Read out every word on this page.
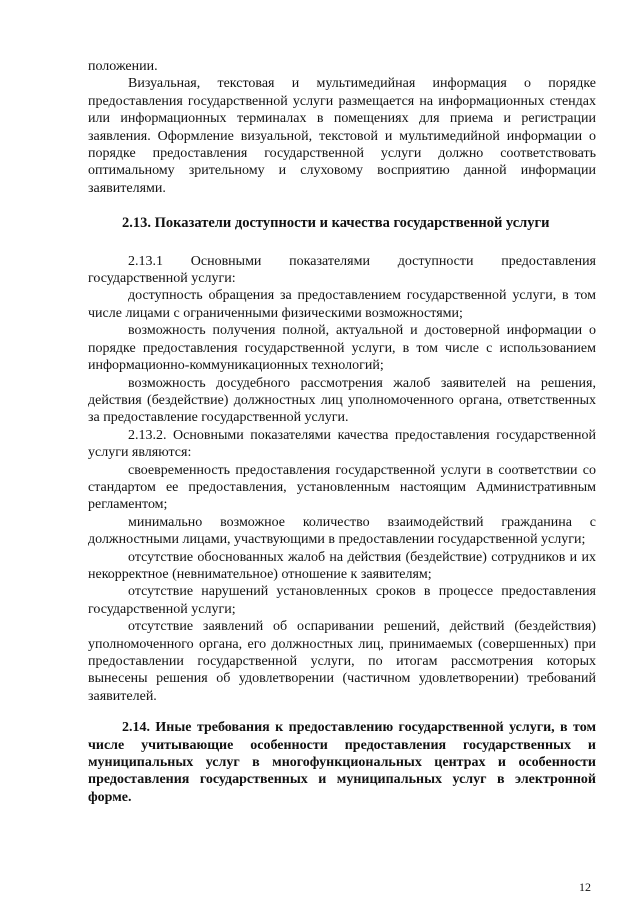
положении.

Визуальная, текстовая и мультимедийная информация о порядке предоставления государственной услуги размещается на информационных стендах или информационных терминалах в помещениях для приема и регистрации заявления. Оформление визуальной, текстовой и мультимедийной информации о порядке предоставления государственной услуги должно соответствовать оптимальному зрительному и слуховому восприятию данной информации заявителями.

2.13. Показатели доступности и качества государственной услуги

2.13.1 Основными показателями доступности предоставления государственной услуги:

доступность обращения за предоставлением государственной услуги, в том числе лицами с ограниченными физическими возможностями;

возможность получения полной, актуальной и достоверной информации о порядке предоставления государственной услуги, в том числе с использованием информационно-коммуникационных технологий;

возможность досудебного рассмотрения жалоб заявителей на решения, действия (бездействие) должностных лиц уполномоченного органа, ответственных за предоставление государственной услуги.

2.13.2. Основными показателями качества предоставления государственной услуги являются:

своевременность предоставления государственной услуги в соответствии со стандартом ее предоставления, установленным настоящим Административным регламентом;

минимально возможное количество взаимодействий гражданина с должностными лицами, участвующими в предоставлении государственной услуги;

отсутствие обоснованных жалоб на действия (бездействие) сотрудников и их некорректное (невнимательное) отношение к заявителям;

отсутствие нарушений установленных сроков в процессе предоставления государственной услуги;

отсутствие заявлений об оспаривании решений, действий (бездействия) уполномоченного органа, его должностных лиц, принимаемых (совершенных) при предоставлении государственной услуги, по итогам рассмотрения которых вынесены решения об удовлетворении (частичном удовлетворении) требований заявителей.

2.14. Иные требования к предоставлению государственной услуги, в том числе учитывающие особенности предоставления государственных и муниципальных услуг в многофункциональных центрах и особенности предоставления государственных и муниципальных услуг в электронной форме.

12
